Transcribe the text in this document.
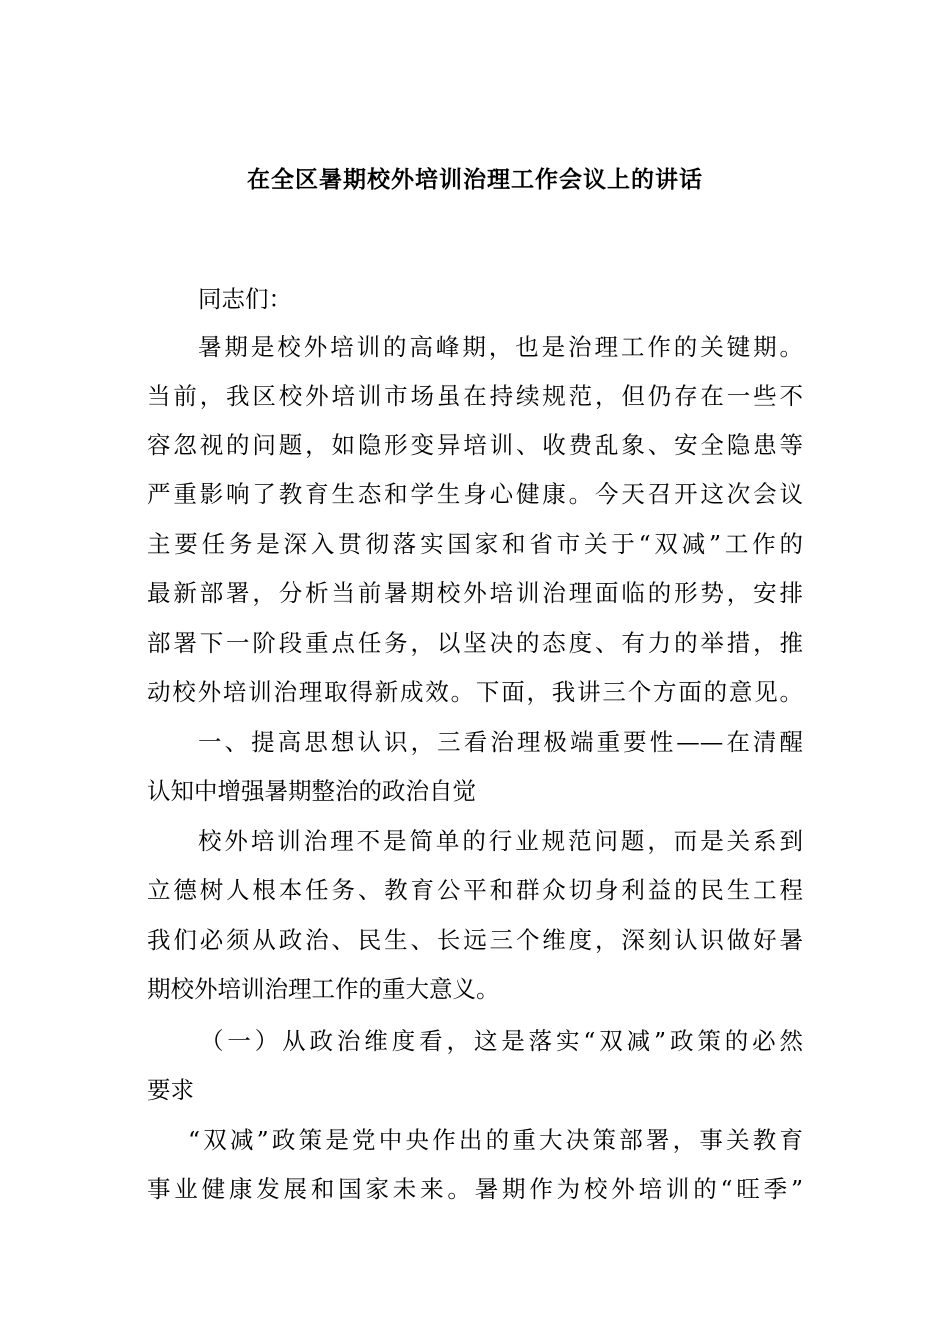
在全区暑期校外培训治理工作会议上的讲话
同志们：
暑期是校外培训的高峰期，也是治理工作的关键期。
当前，我区校外培训市场虽在持续规范，但仍存在一些不
容忽视的问题，如隐形变异培训、收费乱象、安全隐患等
严重影响了教育生态和学生身心健康。今天召开这次会议
主要任务是深入贯彻落实国家和省市关于“双减”工作的
最新部署，分析当前暑期校外培训治理面临的形势，安排
部署下一阶段重点任务，以坚决的态度、有力的举措，推
动校外培训治理取得新成效。下面，我讲三个方面的意见。
一、提高思想认识，三看治理极端重要性——在清醒
认知中增强暑期整治的政治自觉
校外培训治理不是简单的行业规范问题，而是关系到
立德树人根本任务、教育公平和群众切身利益的民生工程
我们必须从政治、民生、长远三个维度，深刻认识做好暑
期校外培训治理工作的重大意义。
（一）从政治维度看，这是落实“双减”政策的必然
要求
“双减”政策是党中央作出的重大决策部署，事关教育
事业健康发展和国家未来。暑期作为校外培训的“旺季”
